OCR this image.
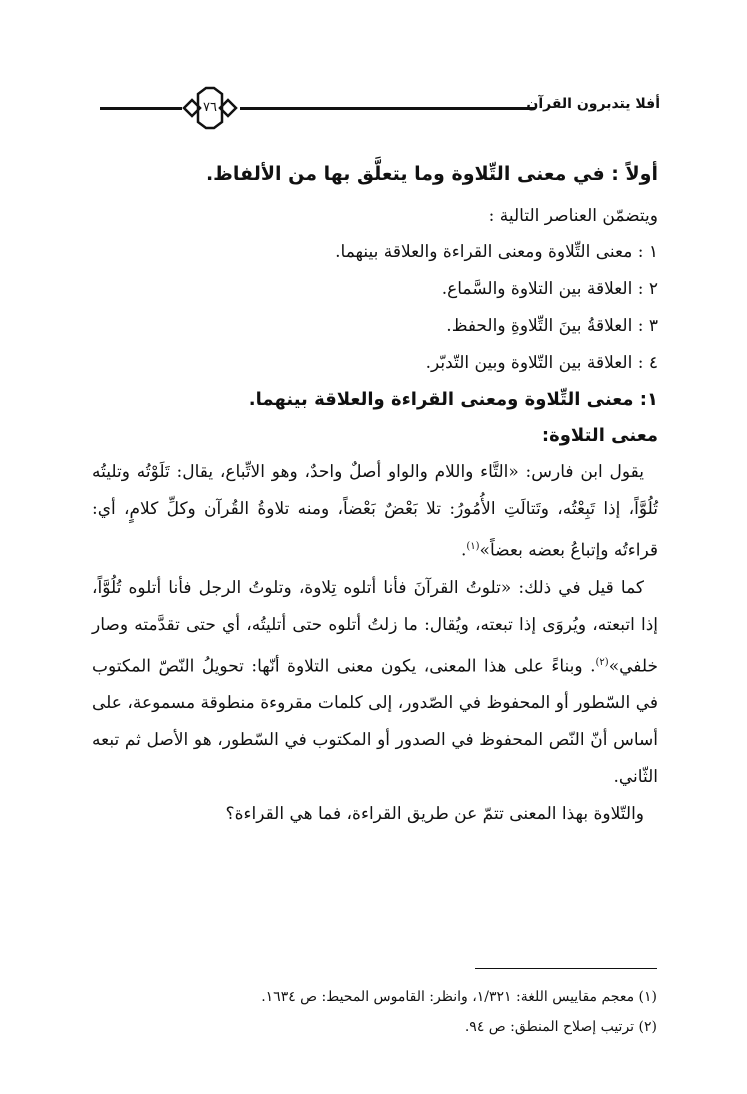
٧٦	أفلا يتدبرون القرآن
أولاً : في معنى التِّلاوة وما يتعلَّق بها من الألفاظ.
ويتضمّن العناصر التالية :
١ : معنى التِّلاوة ومعنى القراءة والعلاقة بينهما.
٢ : العلاقة بين التلاوة والسَّماع.
٣ : العلاقةُ بينَ التِّلاوةِ والحفظ.
٤ : العلاقة بين التّلاوة وبين التّدبّر.
١: معنى التِّلاوة ومعنى القراءة والعلاقة بينهما.
معنى التلاوة:
يقول ابن فارس: «التَّاء واللام والواو أصلٌ واحدٌ، وهو الاتِّباع، يقال: تَلَوْتُه وتليتُه تُلُوَّاً، إذا تَبِعْتُه، وتَتالَتِ الأُمُورُ: تلا بَعْضٌ بَعْضاً، ومنه تلاوةُ القُرآن وكلِّ كلامٍ، أي: قراءتُه وإتباعُ بعضه بعضاً»$^{(١)}$.
كما قيل في ذلك: «تلوتُ القرآنَ فأنا أتلوه تِلاوة، وتلوتُ الرجل فأنا أتلوه تُلُوَّاً، إذا اتبعته، ويُروَى إذا تبعته، ويُقال: ما زلتُ أتلوه حتى أتليتُه، أي حتى تقدَّمته وصار خلفي»$^{(٢)}$. وبناءً على هذا المعنى، يكون معنى التلاوة أنّها: تحويلُ النّصّ المكتوب في السّطور أو المحفوظ في الصّدور، إلى كلمات مقروءة منطوقة مسموعة، على أساس أنّ النّص المحفوظ في الصدور أو المكتوب في السّطور، هو الأصل ثم تبعه الثّاني.
والتّلاوة بهذا المعنى تتمّ عن طريق القراءة، فما هي القراءة؟
(١) معجم مقاييس اللغة: ١/٣٢١، وانظر: القاموس المحيط: ص ١٦٣٤.
(٢) ترتيب إصلاح المنطق: ص ٩٤.
